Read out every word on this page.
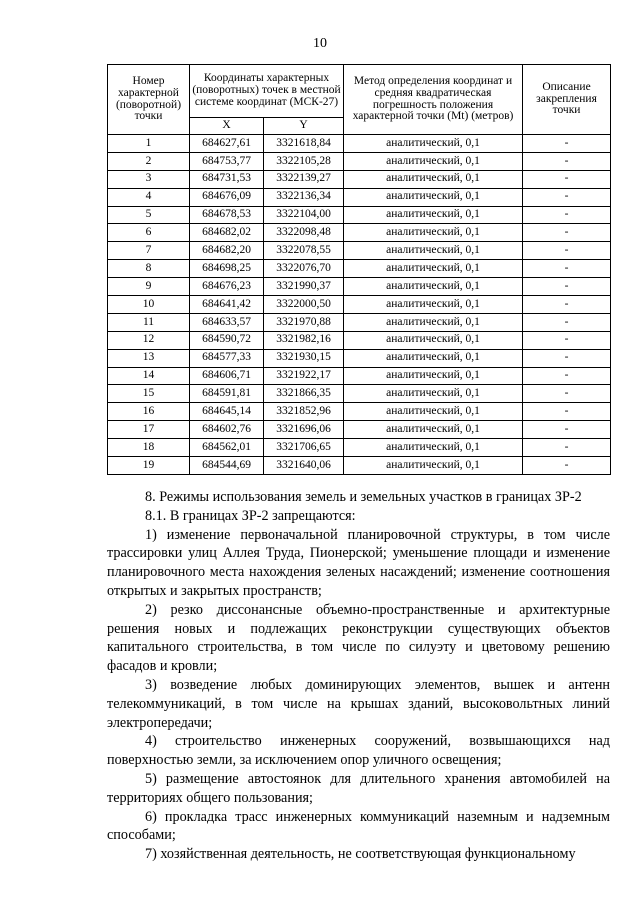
10
Номер характерной (поворотной) точки	Координаты характерных (поворотных) точек в местной системе координат (МСК-27)		Метод определения координат и средняя квадратическая погрешность положения характерной точки (Mt) (метров)	Описание закрепления точки
	X	Y		
1	684627,61	3321618,84	аналитический, 0,1	-
2	684753,77	3322105,28	аналитический, 0,1	-
3	684731,53	3322139,27	аналитический, 0,1	-
4	684676,09	3322136,34	аналитический, 0,1	-
5	684678,53	3322104,00	аналитический, 0,1	-
6	684682,02	3322098,48	аналитический, 0,1	-
7	684682,20	3322078,55	аналитический, 0,1	-
8	684698,25	3322076,70	аналитический, 0,1	-
9	684676,23	3321990,37	аналитический, 0,1	-
10	684641,42	3322000,50	аналитический, 0,1	-
11	684633,57	3321970,88	аналитический, 0,1	-
12	684590,72	3321982,16	аналитический, 0,1	-
13	684577,33	3321930,15	аналитический, 0,1	-
14	684606,71	3321922,17	аналитический, 0,1	-
15	684591,81	3321866,35	аналитический, 0,1	-
16	684645,14	3321852,96	аналитический, 0,1	-
17	684602,76	3321696,06	аналитический, 0,1	-
18	684562,01	3321706,65	аналитический, 0,1	-
19	684544,69	3321640,06	аналитический, 0,1	-

8. Режимы использования земель и земельных участков в границах ЗР-2

8.1. В границах ЗР-2 запрещаются:

1) изменение первоначальной планировочной структуры, в том числе трассировки улиц Аллея Труда, Пионерской; уменьшение площади и изменение планировочного места нахождения зеленых насаждений; изменение соотношения открытых и закрытых пространств;

2) резко диссонансные объемно-пространственные и архитектурные решения новых и подлежащих реконструкции существующих объектов капитального строительства, в том числе по силуэту и цветовому решению фасадов и кровли;

3) возведение любых доминирующих элементов, вышек и антенн телекоммуникаций, в том числе на крышах зданий, высоковольтных линий электропередачи;

4) строительство инженерных сооружений, возвышающихся над поверхностью земли, за исключением опор уличного освещения;

5) размещение автостоянок для длительного хранения автомобилей на территориях общего пользования;

6) прокладка трасс инженерных коммуникаций наземным и надземным способами;

7) хозяйственная деятельность, не соответствующая функциональному
